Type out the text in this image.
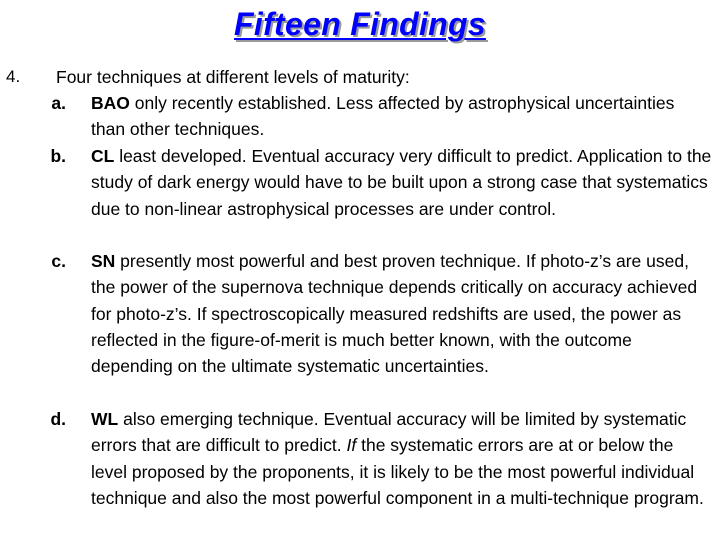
Fifteen Findings
4. Four techniques at different levels of maturity:
a. BAO only recently established. Less affected by astrophysical uncertainties than other techniques.
b. CL least developed. Eventual accuracy very difficult to predict. Application to the study of dark energy would have to be built upon a strong case that systematics due to non-linear astrophysical processes are under control.
c. SN presently most powerful and best proven technique. If photo-z’s are used, the power of the supernova technique depends critically on accuracy achieved for photo-z’s. If spectroscopically measured redshifts are used, the power as reflected in the figure-of-merit is much better known, with the outcome depending on the ultimate systematic uncertainties.
d. WL also emerging technique. Eventual accuracy will be limited by systematic errors that are difficult to predict. If the systematic errors are at or below the level proposed by the proponents, it is likely to be the most powerful individual technique and also the most powerful component in a multi-technique program.
